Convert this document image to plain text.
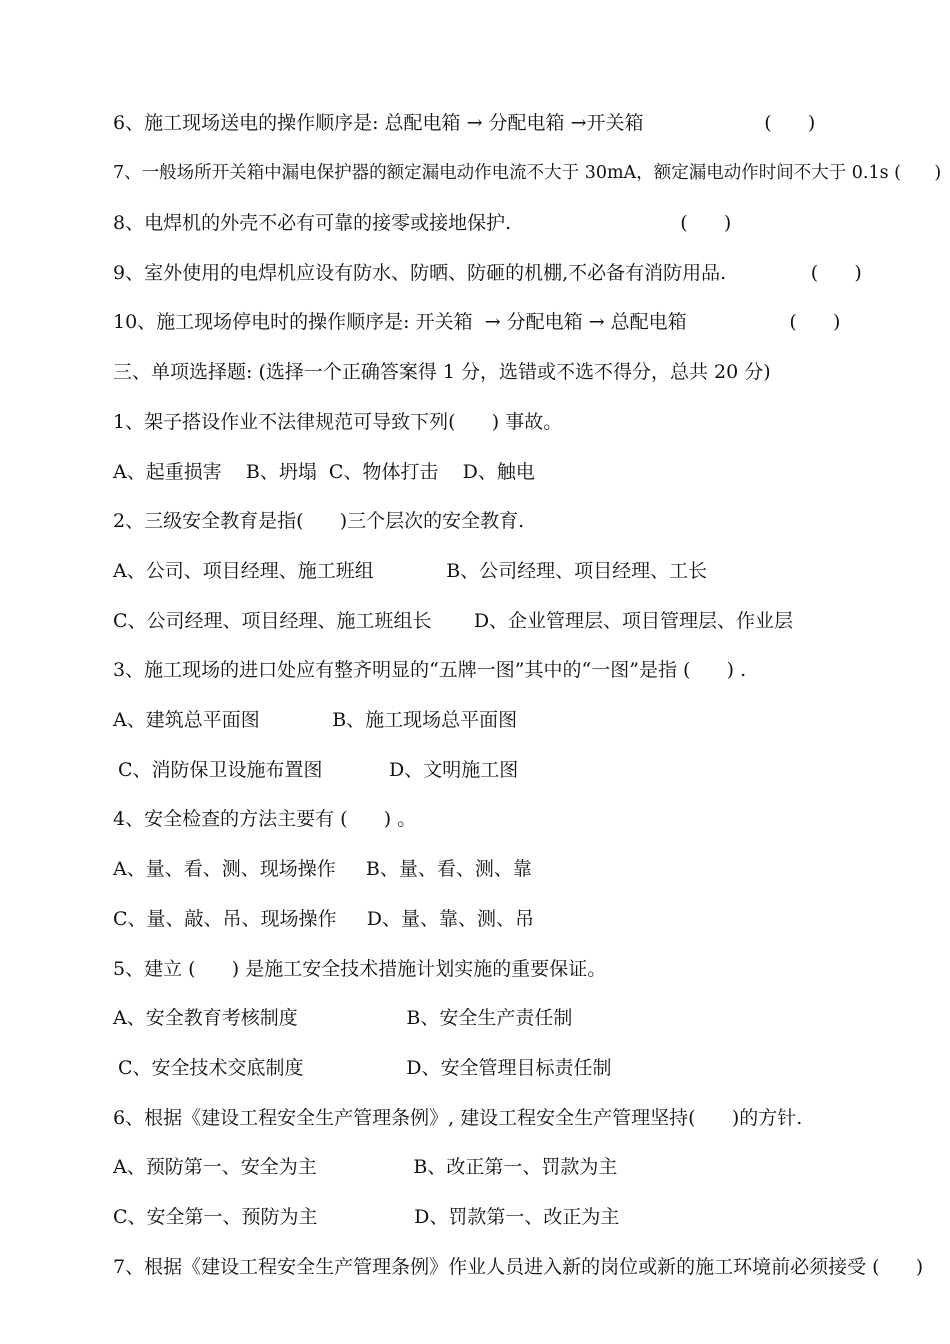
6、施工现场送电的操作顺序是: 总配电箱 → 分配电箱 →开关箱                    (      )
7、一般场所开关箱中漏电保护器的额定漏电动作电流不大于 30mA，额定漏电动作时间不大于 0.1s (      )
8、电焊机的外壳不必有可靠的接零或接地保护.                            (      )
9、室外使用的电焊机应设有防水、防晒、防砸的机棚,不必备有消防用品.              (      )
10、施工现场停电时的操作顺序是: 开关箱  → 分配电箱 → 总配电箱                 (      )
三、单项选择题: (选择一个正确答案得 1 分，选错或不选不得分，总共 20 分)
1、架子搭设作业不法律规范可导致下列(      ) 事故。
A、起重损害    B、坍塌  C、物体打击    D、触电
2、三级安全教育是指(      )三个层次的安全教育.
A、公司、项目经理、施工班组            B、公司经理、项目经理、工长
C、公司经理、项目经理、施工班组长       D、企业管理层、项目管理层、作业层
3、施工现场的进口处应有整齐明显的“五牌一图”其中的“一图”是指 (      ) .
A、建筑总平面图            B、施工现场总平面图
C、消防保卫设施布置图           D、文明施工图
4、安全检查的方法主要有 (      ) 。
A、量、看、测、现场操作     B、量、看、测、靠
C、量、敲、吊、现场操作     D、量、靠、测、吊
5、建立 (      ) 是施工安全技术措施计划实施的重要保证。
A、安全教育考核制度                  B、安全生产责任制
C、安全技术交底制度                 D、安全管理目标责任制
6、根据《建设工程安全生产管理条例》, 建设工程安全生产管理坚持(      )的方针.
A、预防第一、安全为主                B、改正第一、罚款为主
C、安全第一、预防为主                D、罚款第一、改正为主
7、根据《建设工程安全生产管理条例》作业人员进入新的岗位或新的施工环境前必须接受 (      )
